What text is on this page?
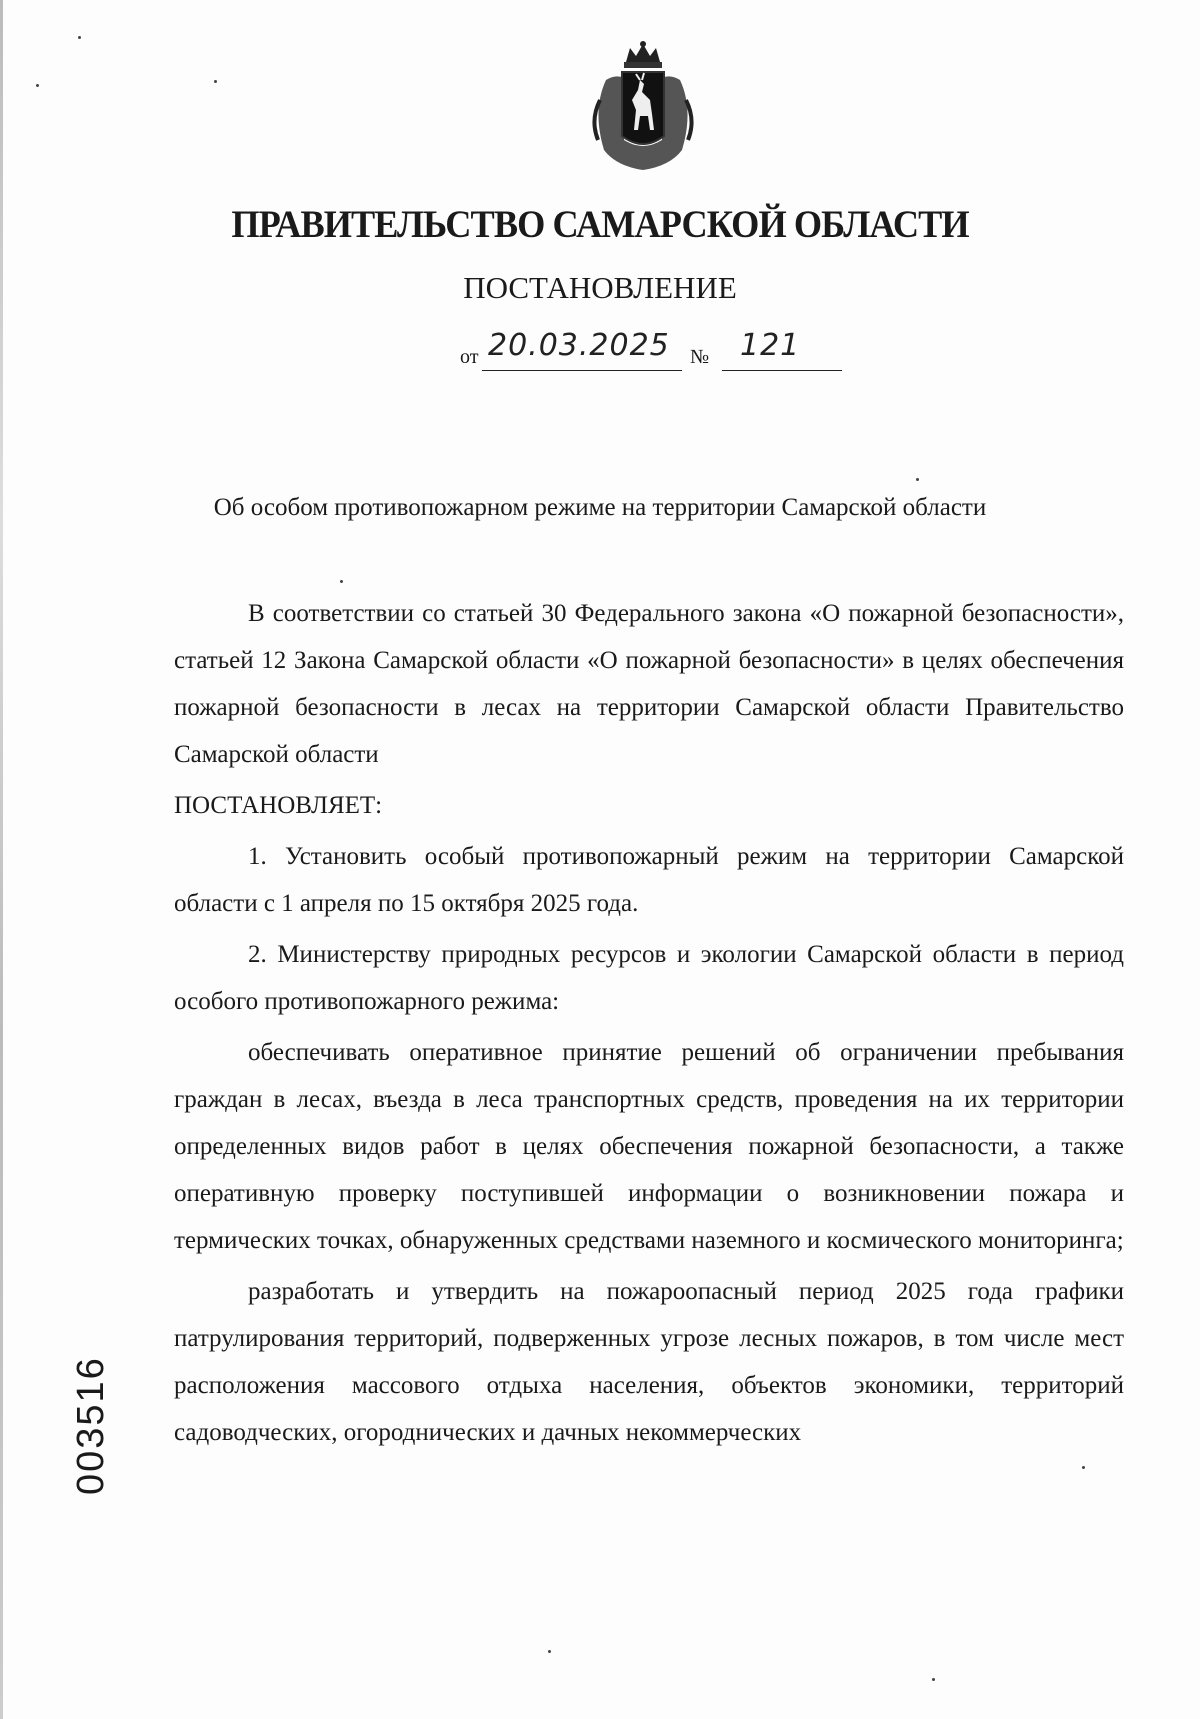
ПРАВИТЕЛЬСТВО САМАРСКОЙ ОБЛАСТИ
ПОСТАНОВЛЕНИЕ
от 20.03.2025 № 121
Об особом противопожарном режиме на территории Самарской области

В соответствии со статьей 30 Федерального закона «О пожарной безопасности», статьей 12 Закона Самарской области «О пожарной безопасности» в целях обеспечения пожарной безопасности в лесах на территории Самарской области Правительство Самарской области

ПОСТАНОВЛЯЕТ:

1. Установить особый противопожарный режим на территории Самарской области с 1 апреля по 15 октября 2025 года.

2. Министерству природных ресурсов и экологии Самарской области в период особого противопожарного режима:

обеспечивать оперативное принятие решений об ограничении пребывания граждан в лесах, въезда в леса транспортных средств, проведения на их территории определенных видов работ в целях обеспечения пожарной безопасности, а также оперативную проверку поступившей информации о возникновении пожара и термических точках, обнаруженных средствами наземного и космического мониторинга;

разработать и утвердить на пожароопасный период 2025 года графики патрулирования территорий, подверженных угрозе лесных пожаров, в том числе мест расположения массового отдыха населения, объектов экономики, территорий садоводческих, огороднических и дачных некоммерческих

003516
